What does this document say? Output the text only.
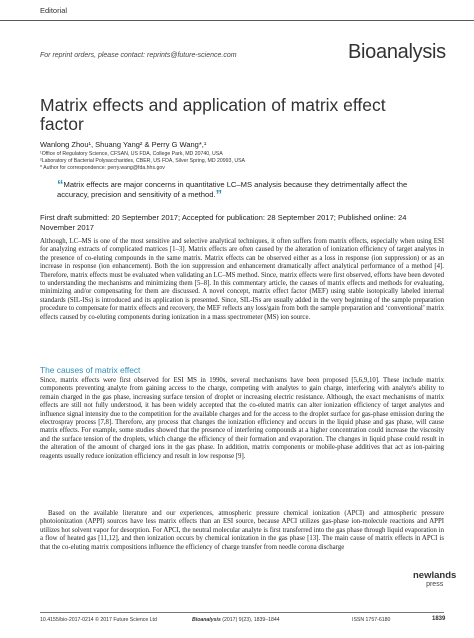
Editorial
For reprint orders, please contact: reprints@future-science.com	Bioanalysis
Matrix effects and application of matrix effect factor
Wanlong Zhou¹, Shuang Yang² & Perry G Wang*,¹
¹Office of Regulatory Science, CFSAN, US FDA, College Park, MD 20740, USA
²Laboratory of Bacterial Polysaccharides, CBER, US FDA, Silver Spring, MD 20993, USA
* Author for correspondence: perry.wang@fda.hhs.gov
“Matrix effects are major concerns in quantitative LC–MS analysis because they detrimentally affect the accuracy, precision and sensitivity of a method.”
First draft submitted: 20 September 2017; Accepted for publication: 28 September 2017; Published online: 24 November 2017
Although, LC–MS is one of the most sensitive and selective analytical techniques, it often suffers from matrix effects, especially when using ESI for analyzing extracts of complicated matrices [1–3]. Matrix effects are often caused by the alteration of ionization efficiency of target analytes in the presence of co-eluting compounds in the same matrix. Matrix effects can be observed either as a loss in response (ion suppression) or as an increase in response (ion enhancement). Both the ion suppression and enhancement dramatically affect analytical performance of a method [4]. Therefore, matrix effects must be evaluated when validating an LC–MS method. Since, matrix effects were first observed, efforts have been devoted to understanding the mechanisms and minimizing them [5–8]. In this commentary article, the causes of matrix effects and methods for evaluating, minimizing and/or compensating for them are discussed. A novel concept, matrix effect factor (MEF) using stable isotopically labeled internal standards (SIL-ISs) is introduced and its application is presented. Since, SIL-ISs are usually added in the very beginning of the sample preparation procedure to compensate for matrix effects and recovery, the MEF reflects any loss/gain from both the sample preparation and ‘conventional’ matrix effects caused by co-eluting components during ionization in a mass spectrometer (MS) ion source.
The causes of matrix effect
Since, matrix effects were first observed for ESI MS in 1990s, several mechanisms have been proposed [5,6,9,10]. These include matrix components preventing analyte from gaining access to the charge, competing with analytes to gain charge, interfering with analyte's ability to remain charged in the gas phase, increasing surface tension of droplet or increasing electric resistance. Although, the exact mechanisms of matrix effects are still not fully understood, it has been widely accepted that the co-eluted matrix can alter ionization efficiency of target analytes and influence signal intensity due to the competition for the available charges and for the access to the droplet surface for gas-phase emission during the electrospray process [7,8]. Therefore, any process that changes the ionization efficiency and occurs in the liquid phase and gas phase, will cause matrix effects. For example, some studies showed that the presence of interfering compounds at a higher concentration could increase the viscosity and the surface tension of the droplets, which change the efficiency of their formation and evaporation. The changes in liquid phase could result in the alteration of the amount of charged ions in the gas phase. In addition, matrix components or mobile-phase additives that act as ion-pairing reagents usually reduce ionization efficiency and result in low response [9].
Based on the available literature and our experiences, atmospheric pressure chemical ionization (APCI) and atmospheric pressure photoionization (APPI) sources have less matrix effects than an ESI source, because APCI utilizes gas-phase ion-molecule reactions and APPI utilizes hot solvent vapor for desorption. For APCI, the neutral molecular analyte is first transferred into the gas phase through liquid evaporation in a flow of heated gas [11,12], and then ionization occurs by chemical ionization in the gas phase [13]. The main cause of matrix effects in APCI is that the co-eluting matrix compositions influence the efficiency of charge transfer from needle corona discharge
newlands
press
10.4155/bio-2017-0214 © 2017 Future Science Ltd	Bioanalysis (2017) 9(23), 1839–1844	ISSN 1757-6180	1839
